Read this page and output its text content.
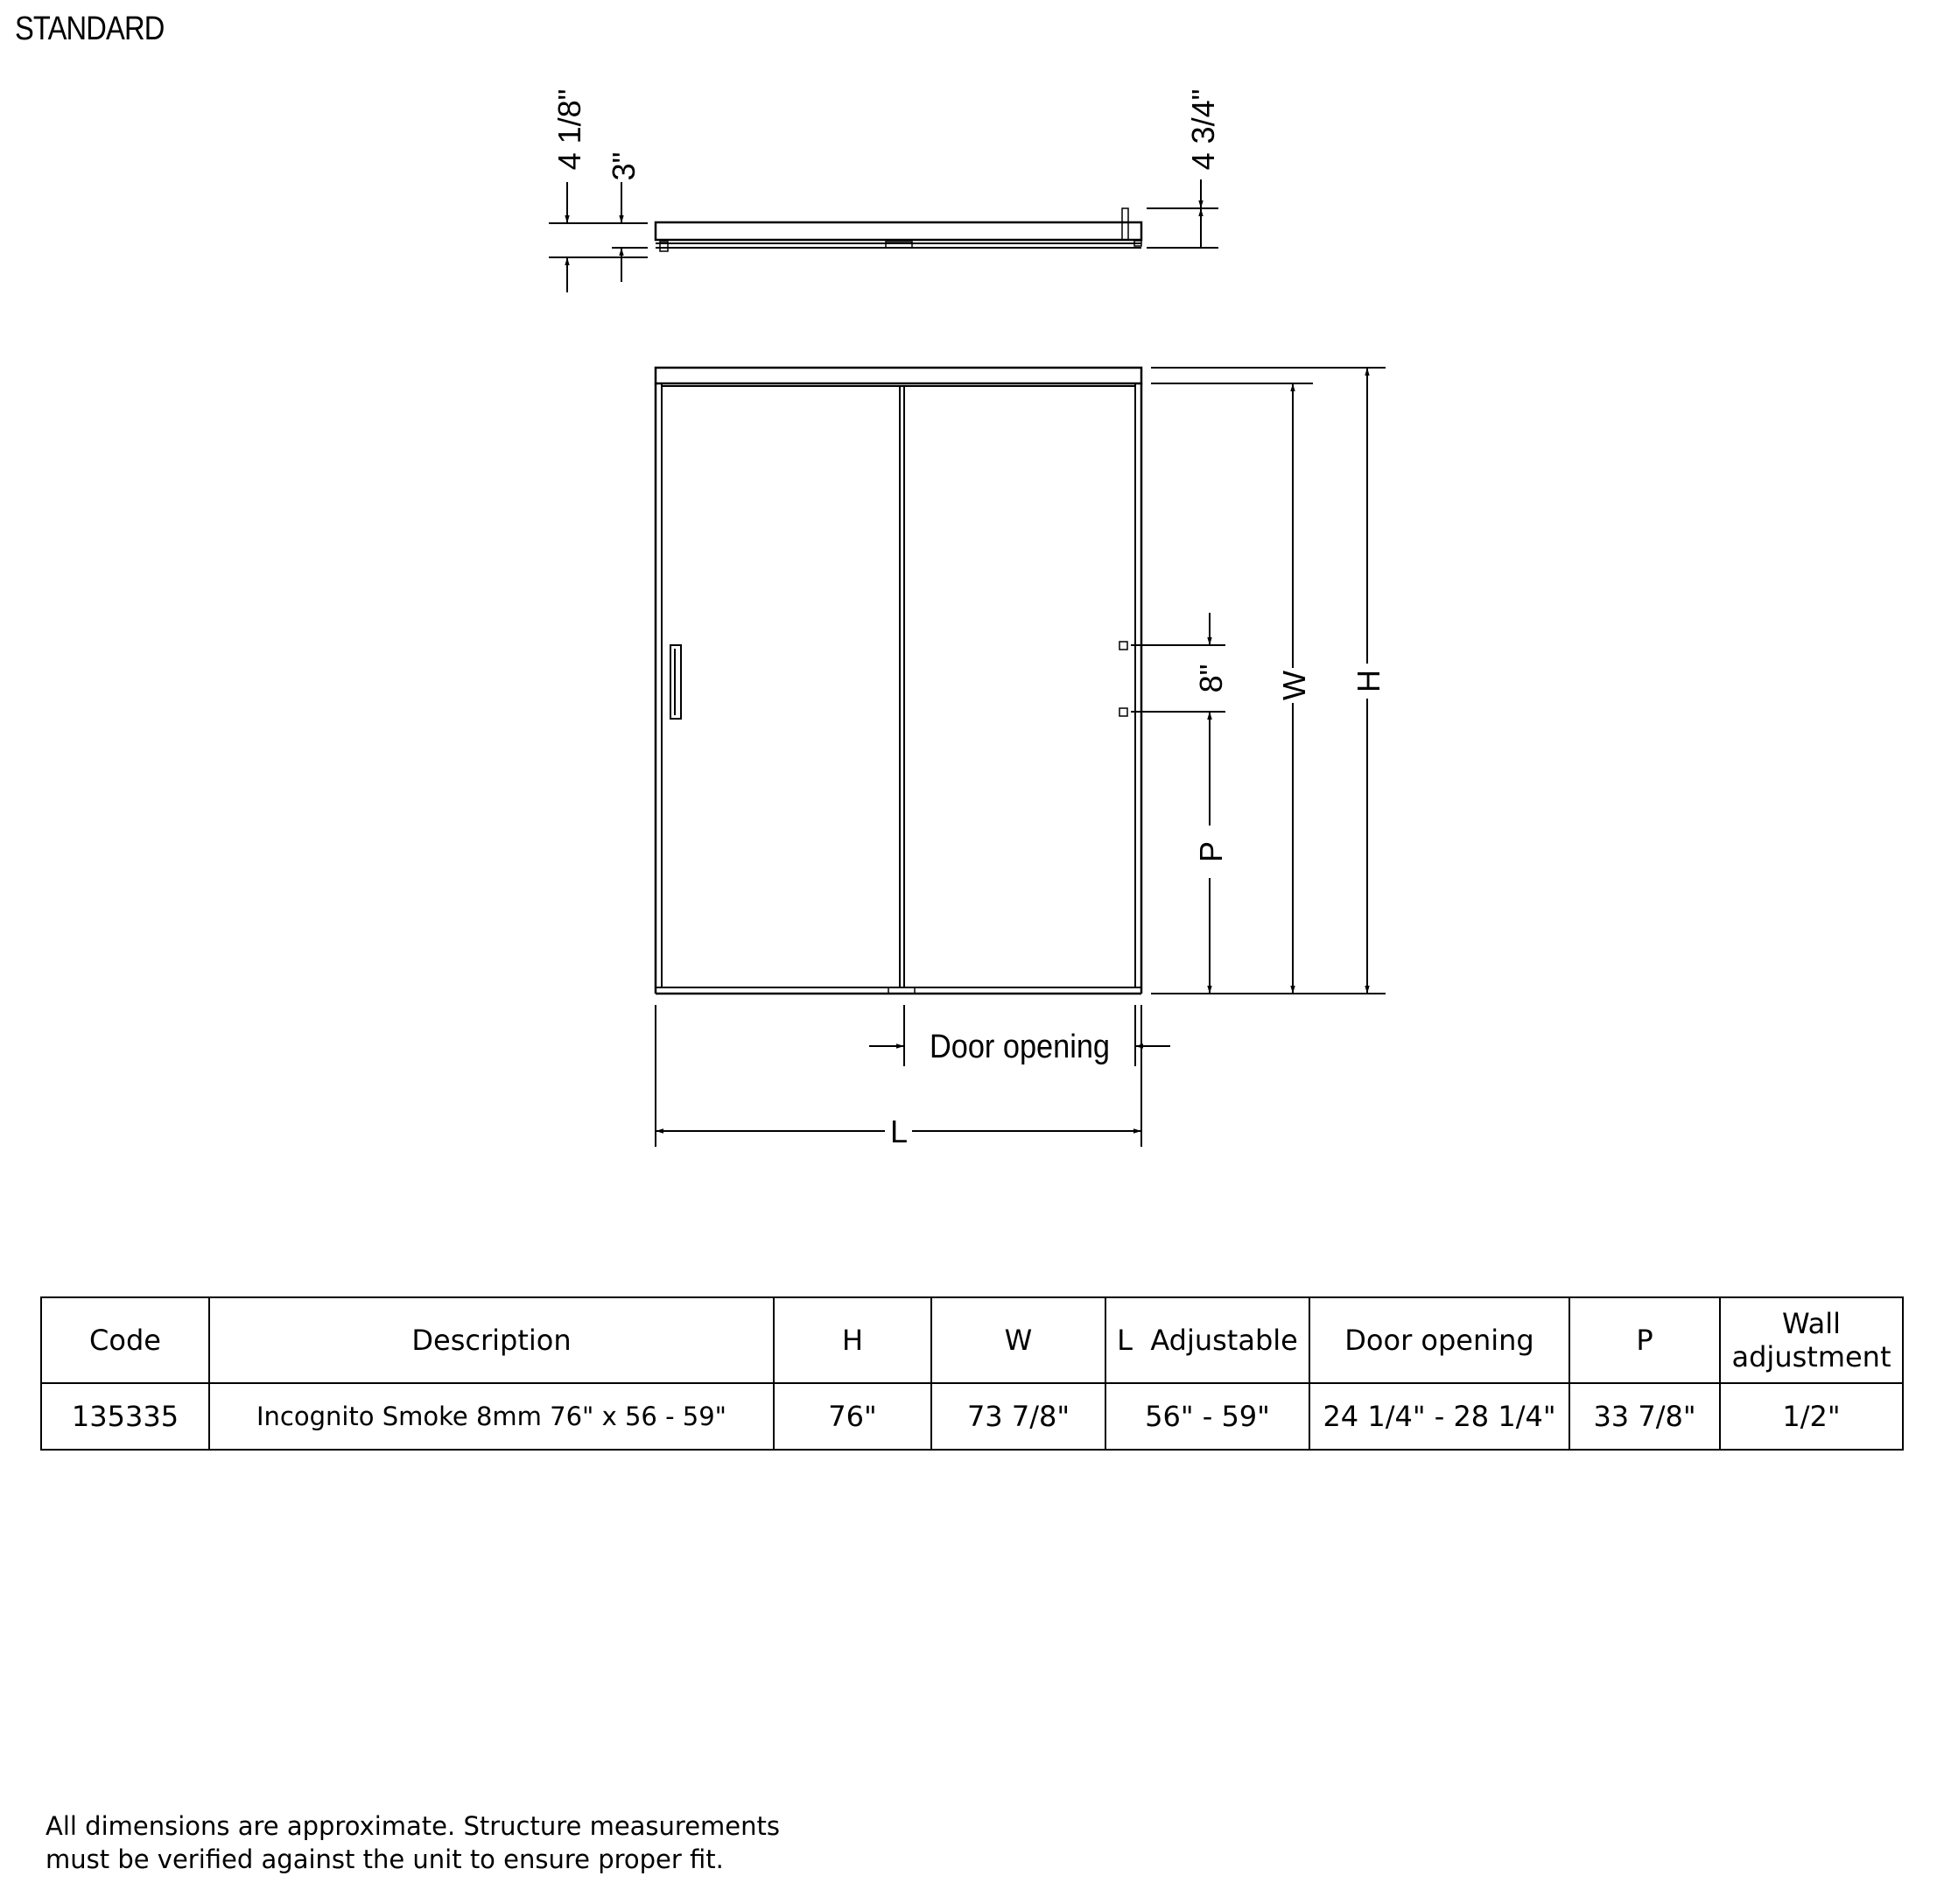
STANDARD
4 1/8" 3"	4 3/4"
8"
P
W H
L
Door opening
Code	Description	H	W	L  Adjustable	Door opening	P	Wall
adjustment

135335	Incognito Smoke 8mm 76" x 56 - 59"	76"	73 7/8"	56" - 59"	24 1/4" - 28 1/4"	33 7/8"	1/2"
All dimensions are approximate. Structure measurements
must be verified against the unit to ensure proper fit.
